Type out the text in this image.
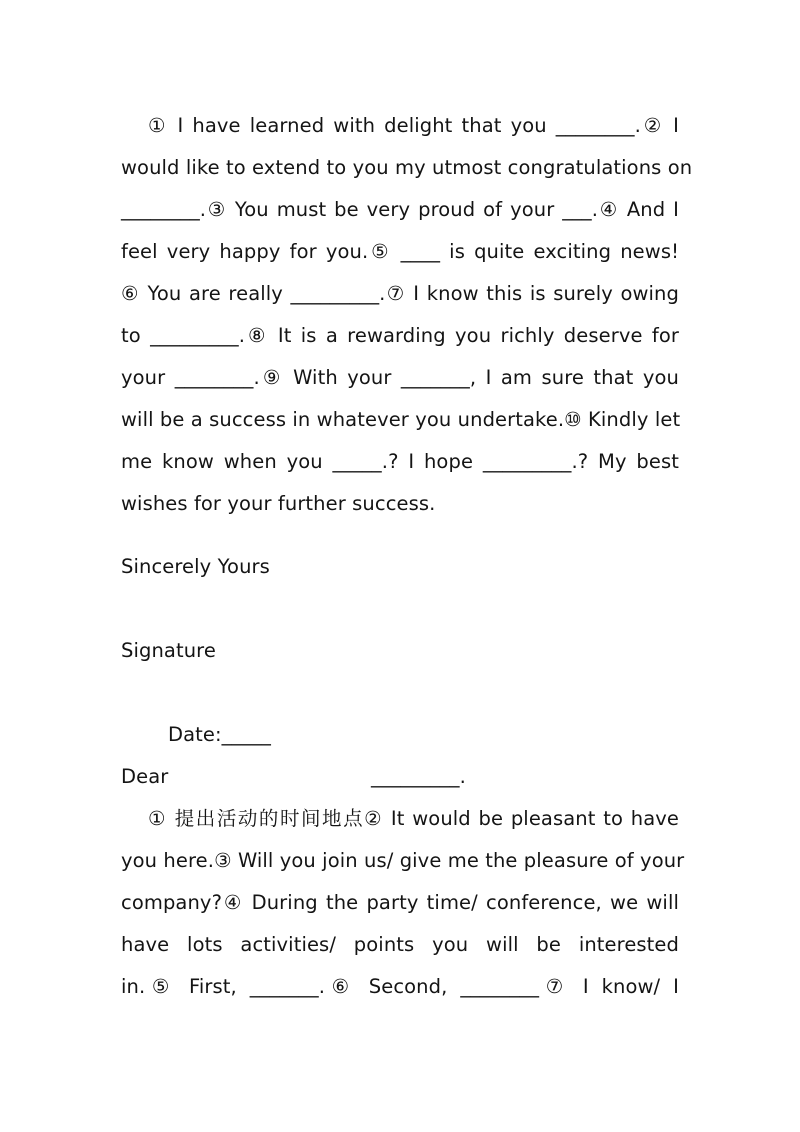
① I have learned with delight that you ________.② I
would like to extend to you my utmost congratulations on
________.③ You must be very proud of your ___.④ And I
feel very happy for you.⑤ ____ is quite exciting news!
⑥ You are really _________.⑦ I know this is surely owing
to _________.⑧ It is a rewarding you richly deserve for
your ________.⑨ With your _______, I am sure that you
will be a success in whatever you undertake.⑩ Kindly let
me know when you _____.? I hope _________.? My best
wishes for your further success.
Sincerely Yours
Signature
Date:_____
Dear	_________.
① 提出活动的时间地点② It would be pleasant to have
you here.③ Will you join us/ give me the pleasure of your
company?④ During the party time/ conference, we will
have lots activities/ points you will be interested
in.⑤ First, _______.⑥ Second, ________⑦ I know/ I
